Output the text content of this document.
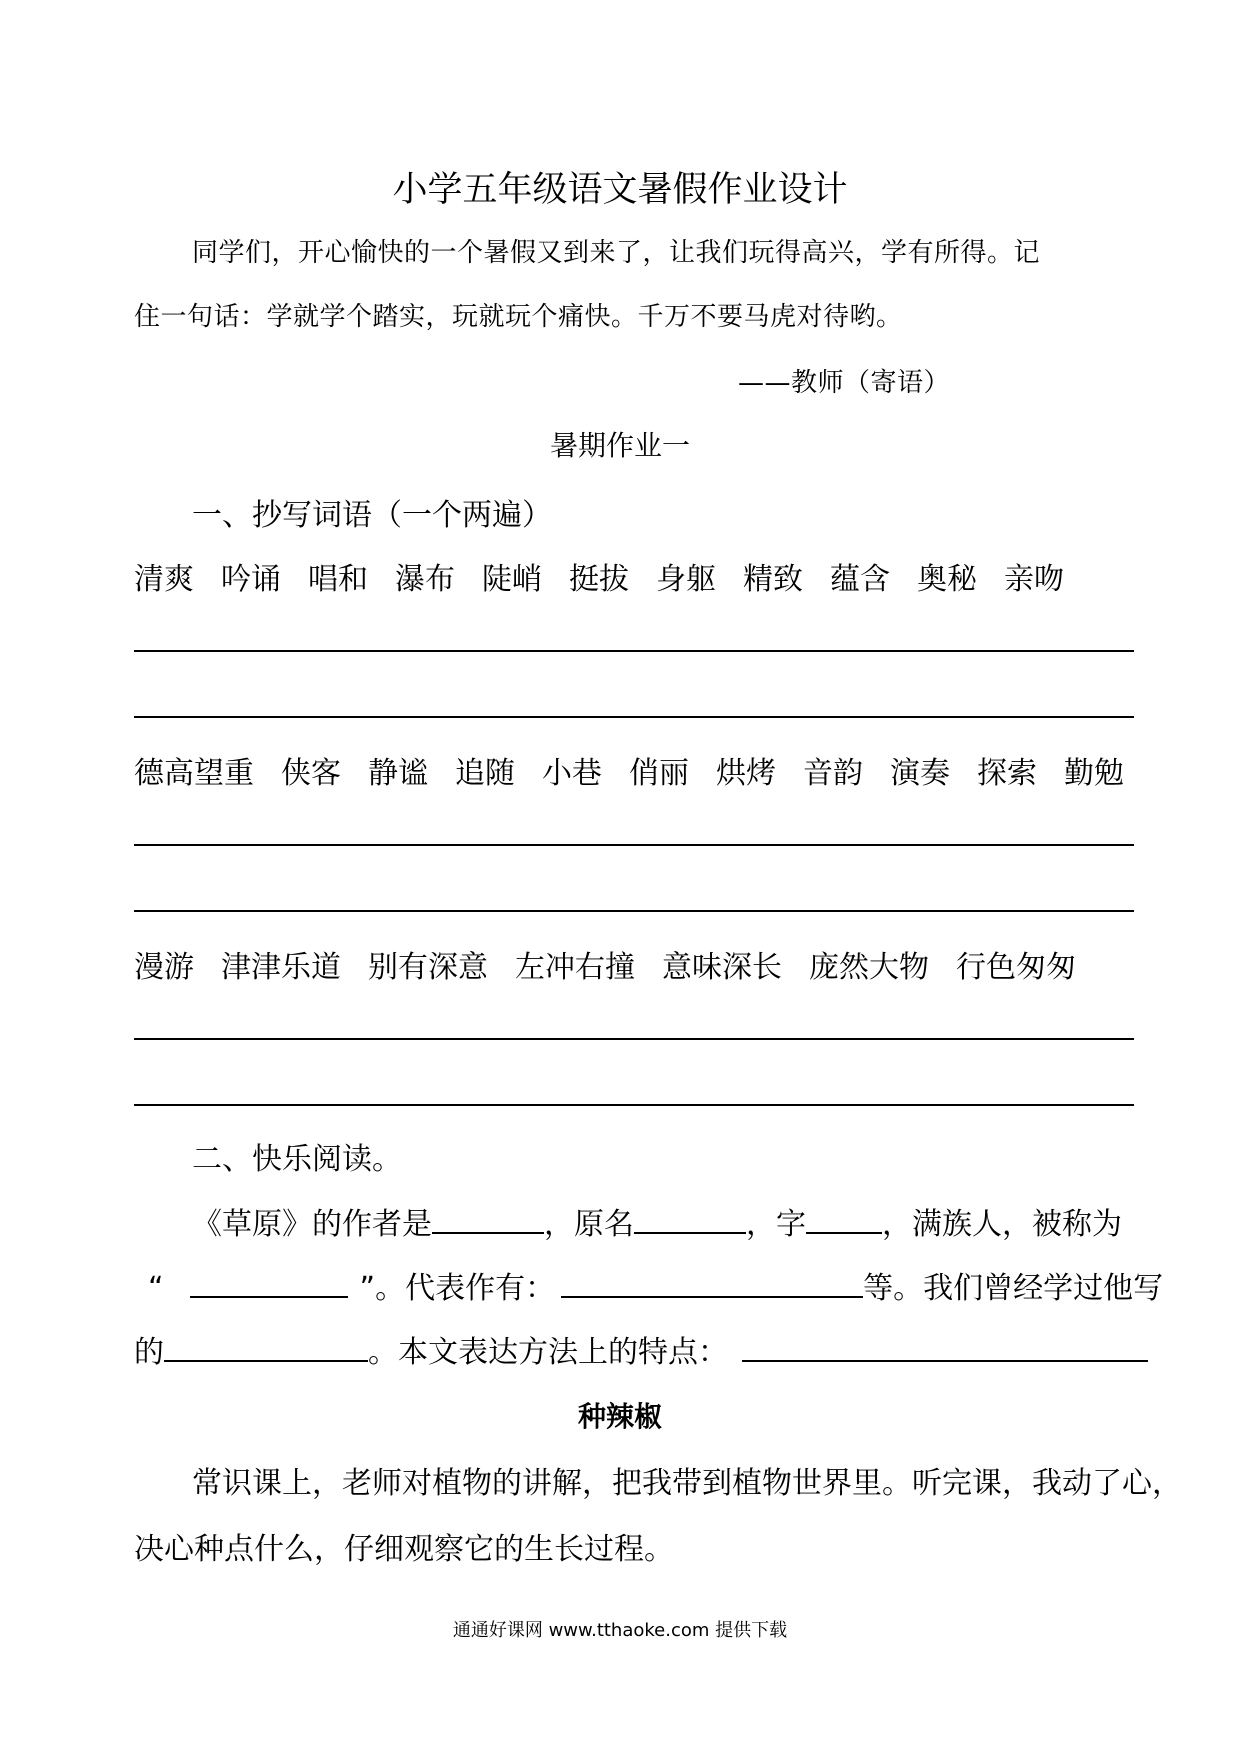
小学五年级语文暑假作业设计
同学们，开心愉快的一个暑假又到来了，让我们玩得高兴，学有所得。记
住一句话：学就学个踏实，玩就玩个痛快。千万不要马虎对待哟。
——教师（寄语）
暑期作业一
一、抄写词语（一个两遍）
清爽 吟诵 唱和 瀑布 陡峭 挺拔 身躯 精致 蕴含 奥秘 亲吻
德高望重 侠客 静谧 追随 小巷 俏丽 烘烤 音韵 演奏 探索 勤勉
漫游 津津乐道 别有深意 左冲右撞 意味深长 庞然大物 行色匆匆
二、快乐阅读。
《草原》的作者是	，原名	，字	，满族人，被称为
“	”。代表作有：	等。我们曾经学过他写
的	。本文表达方法上的特点：
种辣椒
常识课上，老师对植物的讲解，把我带到植物世界里。听完课，我动了心，
决心种点什么，仔细观察它的生长过程。
通通好课网 www.tthaoke.com 提供下载
